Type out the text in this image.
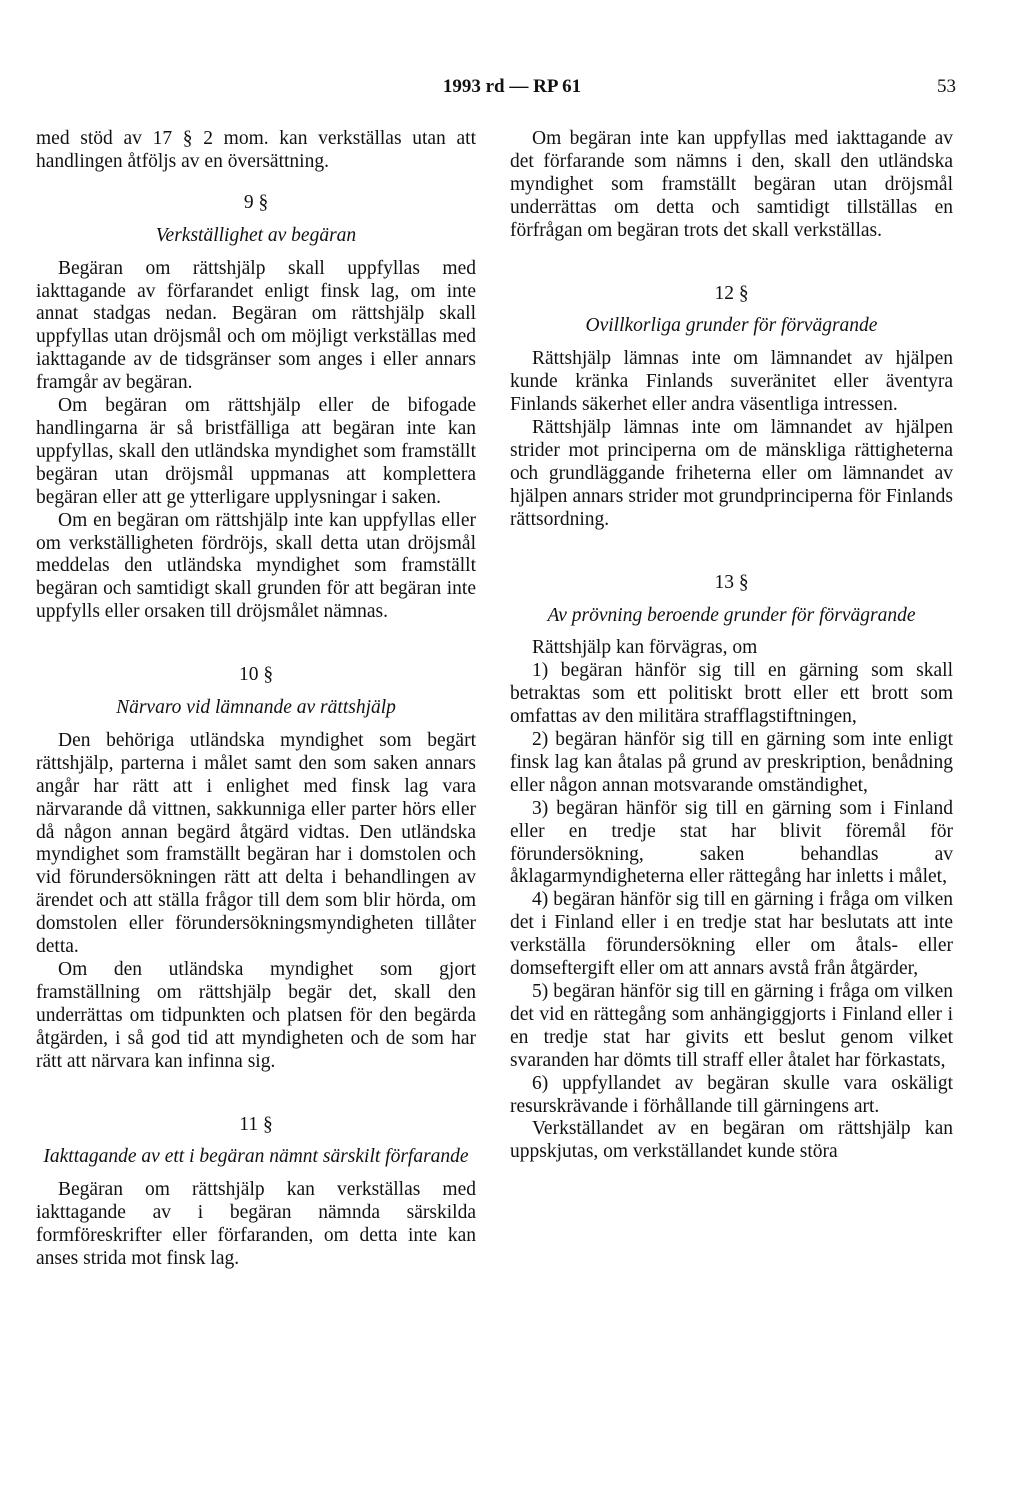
1993 rd — RP 61	53

med stöd av 17 § 2 mom. kan verkställas utan att handlingen åtföljs av en översättning.

9 §

Verkställighet av begäran

Begäran om rättshjälp skall uppfyllas med iakttagande av förfarandet enligt finsk lag, om inte annat stadgas nedan. Begäran om rättshjälp skall uppfyllas utan dröjsmål och om möjligt verkställas med iakttagande av de tidsgränser som anges i eller annars framgår av begäran.

Om begäran om rättshjälp eller de bifogade handlingarna är så bristfälliga att begäran inte kan uppfyllas, skall den utländska myndighet som framställt begäran utan dröjsmål uppmanas att komplettera begäran eller att ge ytterligare upplysningar i saken.

Om en begäran om rättshjälp inte kan uppfyllas eller om verkställigheten fördröjs, skall detta utan dröjsmål meddelas den utländska myndighet som framställt begäran och samtidigt skall grunden för att begäran inte uppfylls eller orsaken till dröjsmålet nämnas.

10 §

Närvaro vid lämnande av rättshjälp

Den behöriga utländska myndighet som begärt rättshjälp, parterna i målet samt den som saken annars angår har rätt att i enlighet med finsk lag vara närvarande då vittnen, sakkunniga eller parter hörs eller då någon annan begärd åtgärd vidtas. Den utländska myndighet som framställt begäran har i domstolen och vid förundersökningen rätt att delta i behandlingen av ärendet och att ställa frågor till dem som blir hörda, om domstolen eller förundersökningsmyndigheten tillåter detta.

Om den utländska myndighet som gjort framställning om rättshjälp begär det, skall den underrättas om tidpunkten och platsen för den begärda åtgärden, i så god tid att myndigheten och de som har rätt att närvara kan infinna sig.

11 §

Iakttagande av ett i begäran nämnt särskilt förfarande

Begäran om rättshjälp kan verkställas med iakttagande av i begäran nämnda särskilda formföreskrifter eller förfaranden, om detta inte kan anses strida mot finsk lag.

Om begäran inte kan uppfyllas med iakttagande av det förfarande som nämns i den, skall den utländska myndighet som framställt begäran utan dröjsmål underrättas om detta och samtidigt tillställas en förfrågan om begäran trots det skall verkställas.

12 §

Ovillkorliga grunder för förvägrande

Rättshjälp lämnas inte om lämnandet av hjälpen kunde kränka Finlands suveränitet eller äventyra Finlands säkerhet eller andra väsentliga intressen.

Rättshjälp lämnas inte om lämnandet av hjälpen strider mot principerna om de mänskliga rättigheterna och grundläggande friheterna eller om lämnandet av hjälpen annars strider mot grundprinciperna för Finlands rättsordning.

13 §

Av prövning beroende grunder för förvägrande

Rättshjälp kan förvägras, om

1) begäran hänför sig till en gärning som skall betraktas som ett politiskt brott eller ett brott som omfattas av den militära strafflagstiftningen,

2) begäran hänför sig till en gärning som inte enligt finsk lag kan åtalas på grund av preskription, benådning eller någon annan motsvarande omständighet,

3) begäran hänför sig till en gärning som i Finland eller en tredje stat har blivit föremål för förundersökning, saken behandlas av åklagarmyndigheterna eller rättegång har inletts i målet,

4) begäran hänför sig till en gärning i fråga om vilken det i Finland eller i en tredje stat har beslutats att inte verkställa förundersökning eller om åtals- eller domseftergift eller om att annars avstå från åtgärder,

5) begäran hänför sig till en gärning i fråga om vilken det vid en rättegång som anhängiggjorts i Finland eller i en tredje stat har givits ett beslut genom vilket svaranden har dömts till straff eller åtalet har förkastats,

6) uppfyllandet av begäran skulle vara oskäligt resurskrävande i förhållande till gärningens art.

Verkställandet av en begäran om rättshjälp kan uppskjutas, om verkställandet kunde störa
